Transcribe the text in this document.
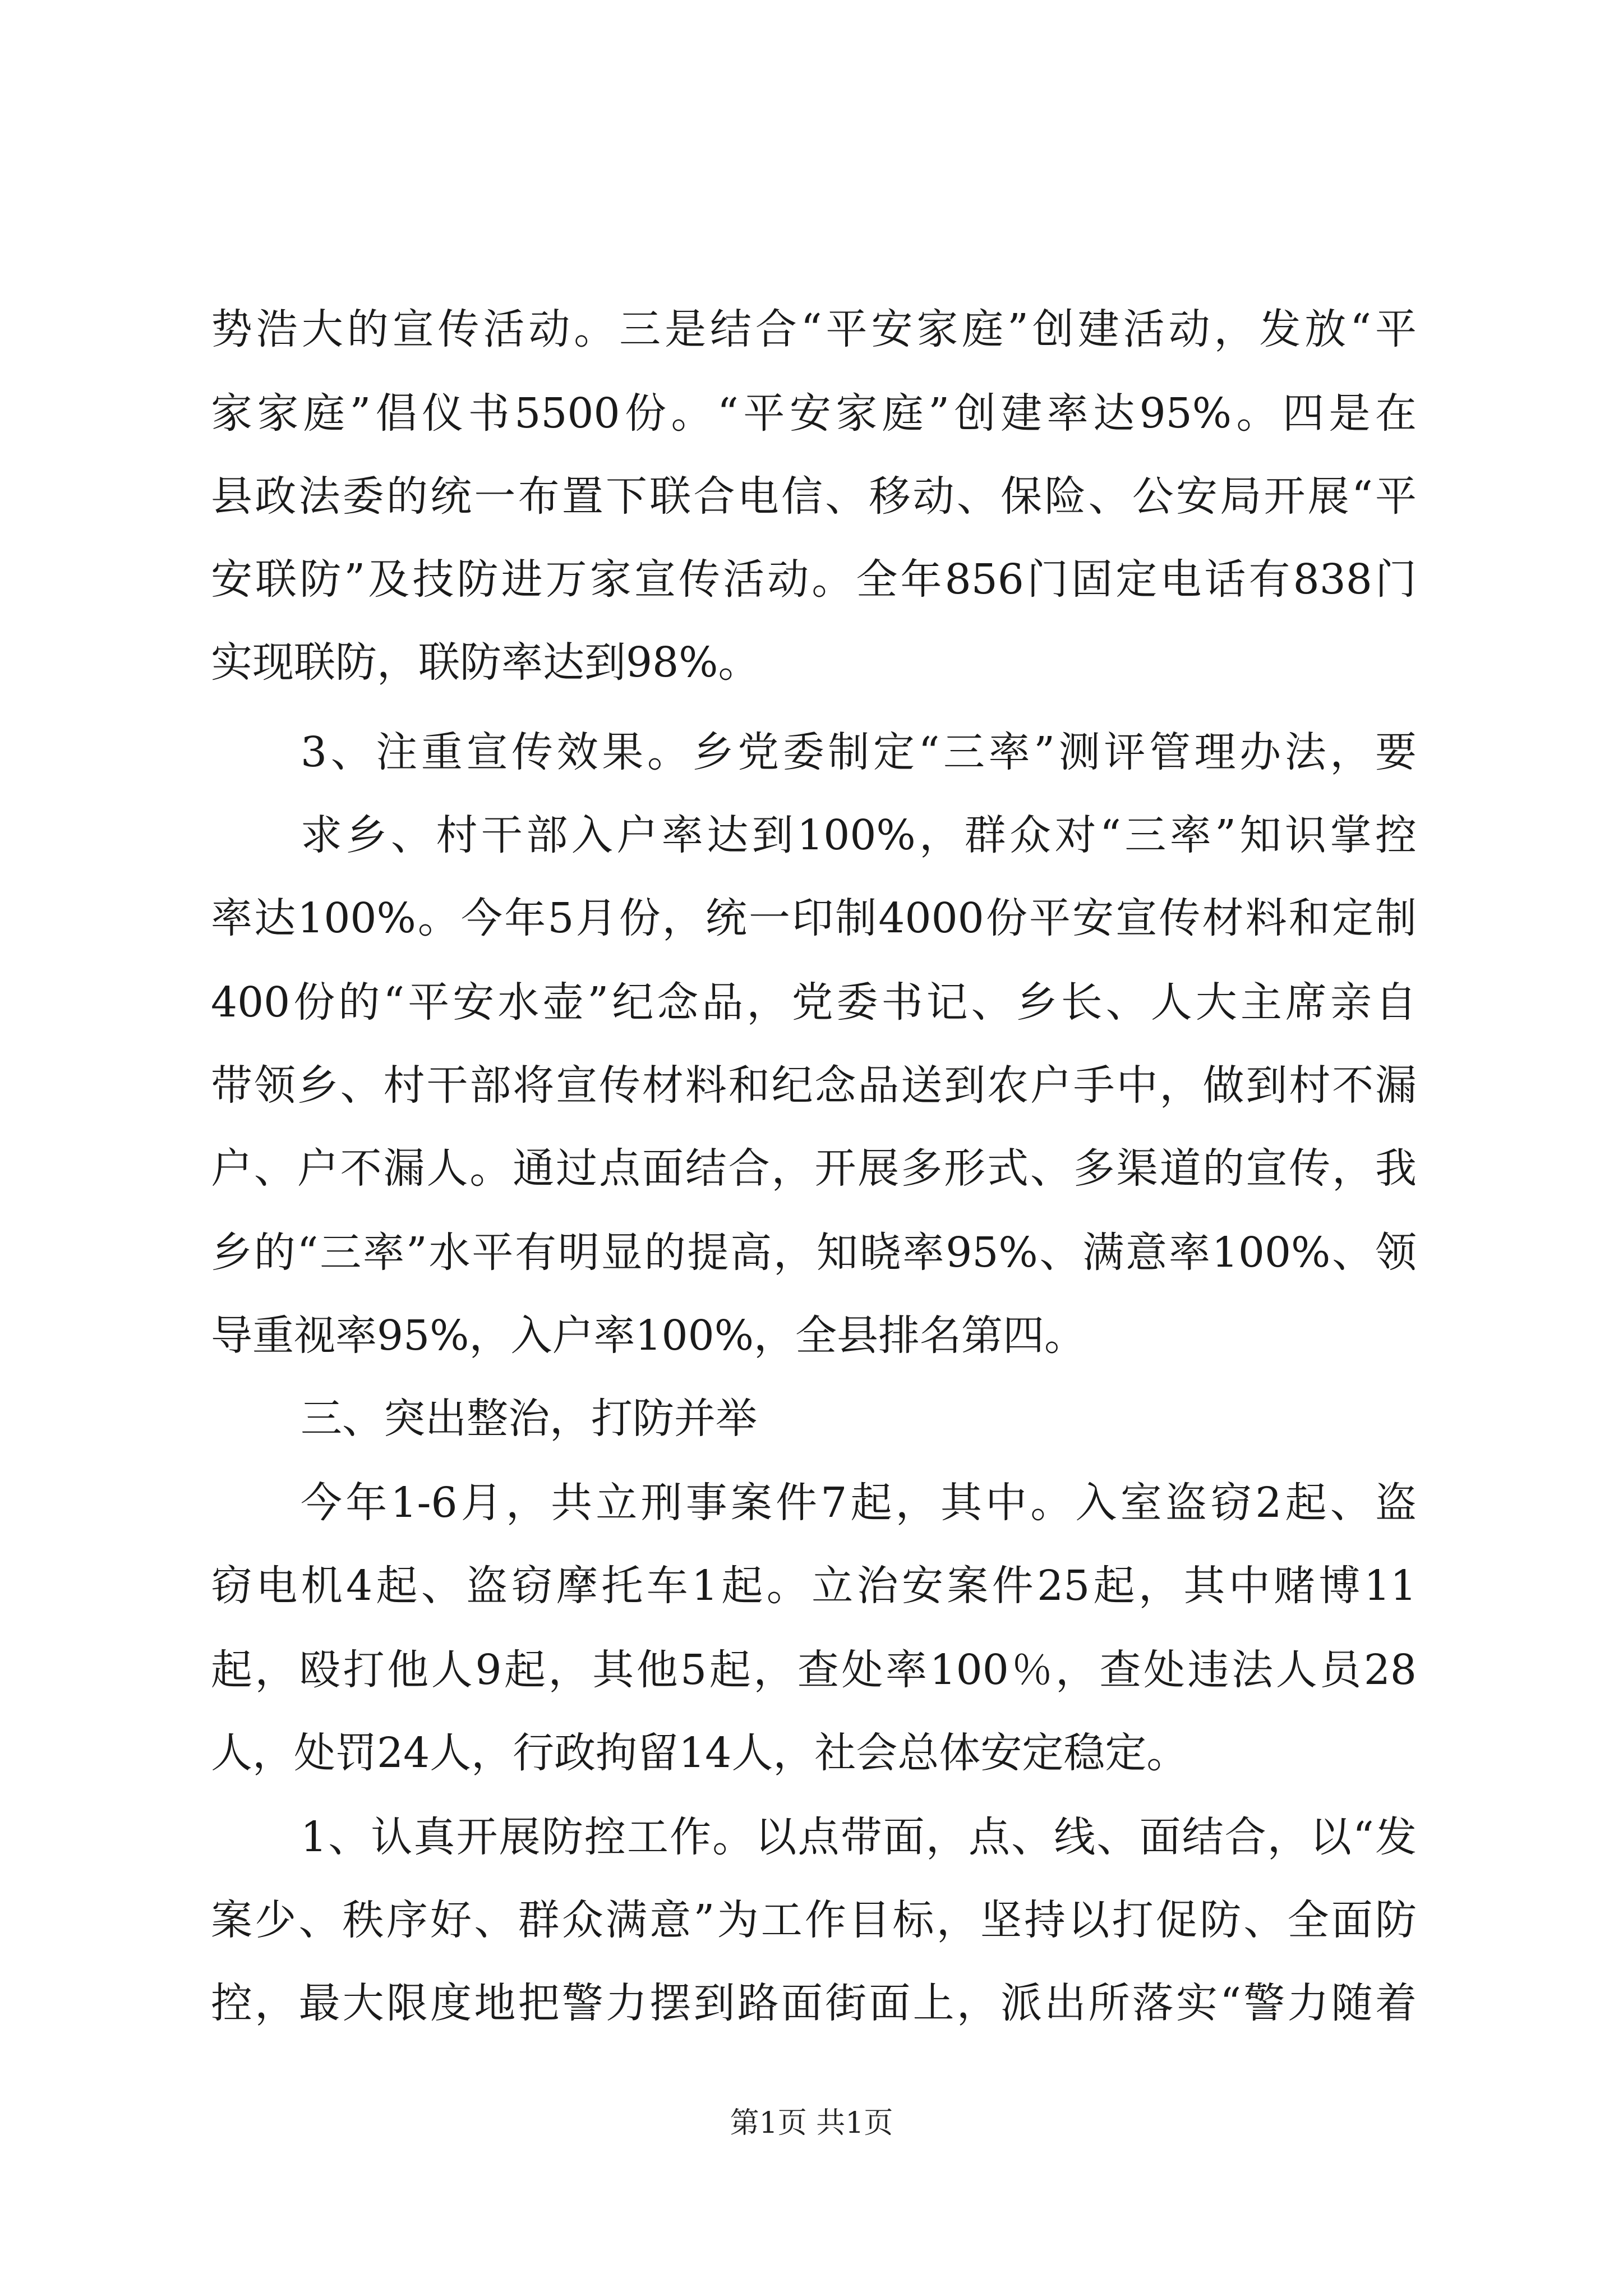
势浩大的宣传活动。三是结合“平安家庭”创建活动，发放“平
家家庭”倡仪书5500份。“平安家庭”创建率达95%。四是在
县政法委的统一布置下联合电信、移动、保险、公安局开展“平
安联防”及技防进万家宣传活动。全年856门固定电话有838门
实现联防，联防率达到98%。
3、注重宣传效果。乡党委制定“三率”测评管理办法，要
求乡、村干部入户率达到100%，群众对“三率”知识掌控
率达100%。今年5月份，统一印制4000份平安宣传材料和定制
400份的“平安水壶”纪念品，党委书记、乡长、人大主席亲自
带领乡、村干部将宣传材料和纪念品送到农户手中，做到村不漏
户、户不漏人。通过点面结合，开展多形式、多渠道的宣传，我
乡的“三率”水平有明显的提高，知晓率95%、满意率100%、领
导重视率95%，入户率100%，全县排名第四。
三、突出整治，打防并举
今年1-6月，共立刑事案件7起，其中。入室盗窃2起、盗
窃电机4起、盗窃摩托车1起。立治安案件25起，其中赌博11
起，殴打他人9起，其他5起，查处率100％，查处违法人员28
人，处罚24人，行政拘留14人，社会总体安定稳定。
1、认真开展防控工作。以点带面，点、线、面结合，以“发
案少、秩序好、群众满意”为工作目标，坚持以打促防、全面防
控，最大限度地把警力摆到路面街面上，派出所落实“警力随着
第1页 共1页
